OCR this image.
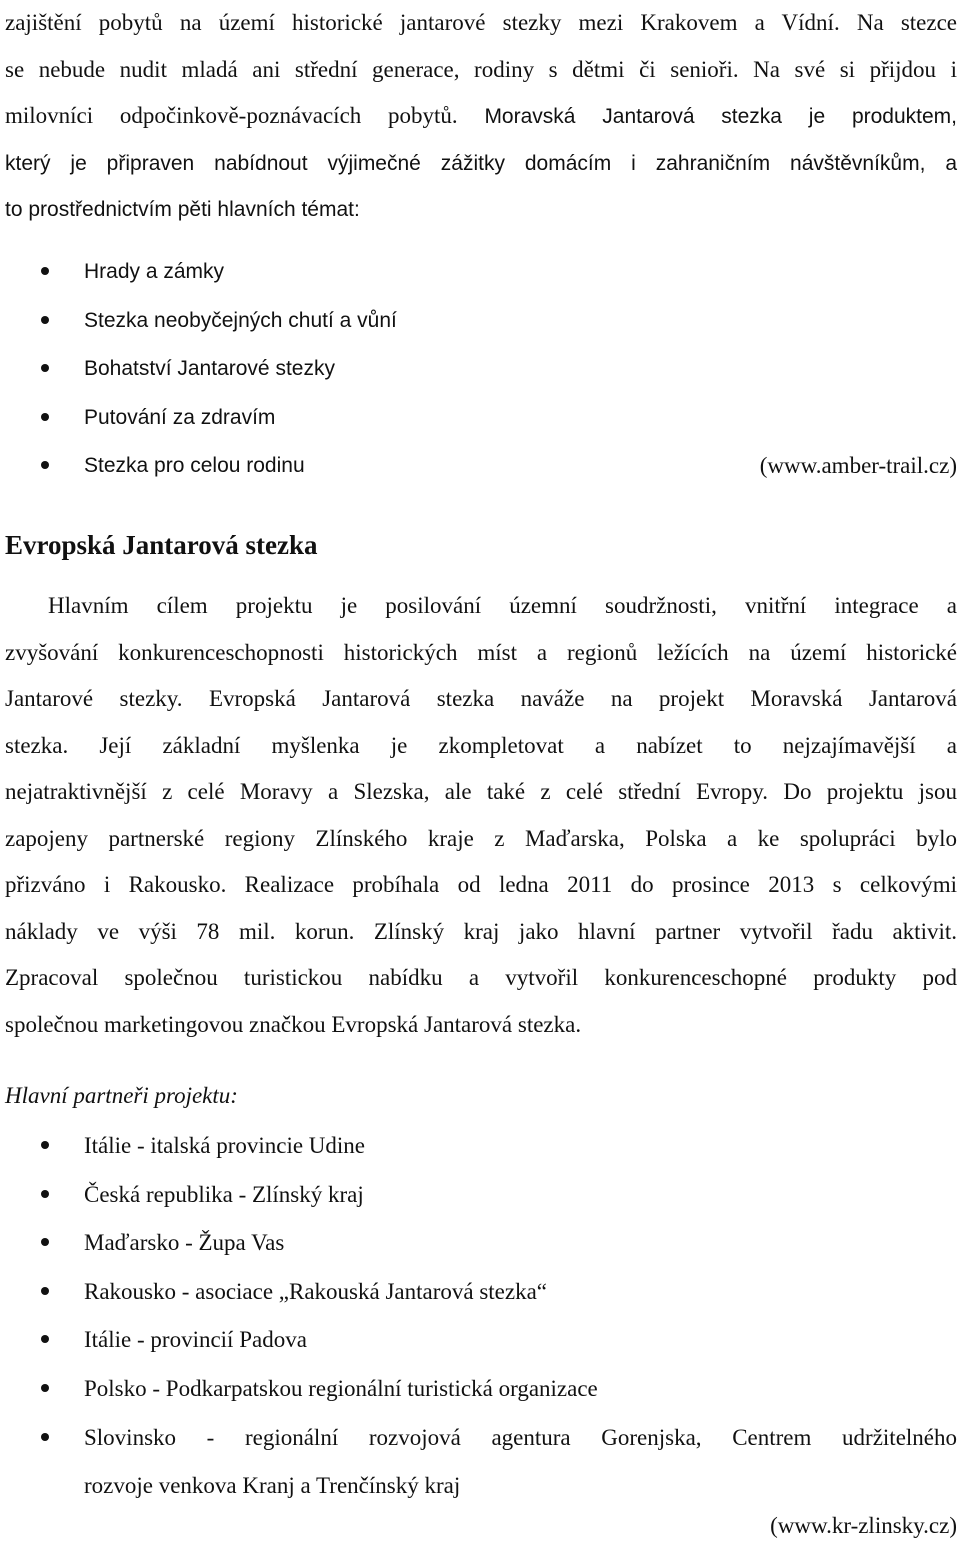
zajištění pobytů na území historické jantarové stezky mezi Krakovem a Vídní. Na stezce
se nebude nudit mladá ani střední generace, rodiny s dětmi či senioři. Na své si přijdou i
milovníci odpočinkově-poznávacích pobytů. Moravská Jantarová stezka je produktem,
který je připraven nabídnout výjimečné zážitky domácím i zahraničním návštěvníkům, a
to prostřednictvím pěti hlavních témat:
Hrady a zámky
Stezka neobyčejných chutí a vůní
Bohatství Jantarové stezky
Putování za zdravím
Stezka pro celou rodinu	(www.amber-trail.cz)
Evropská Jantarová stezka
Hlavním cílem projektu je posilování územní soudržnosti, vnitřní integrace a
zvyšování konkurenceschopnosti historických míst a regionů ležících na území historické
Jantarové stezky. Evropská Jantarová stezka naváže na projekt Moravská Jantarová
stezka. Její základní myšlenka je zkompletovat a nabízet to nejzajímavější a
nejatraktivnější z celé Moravy a Slezska, ale také z celé střední Evropy. Do projektu jsou
zapojeny partnerské regiony Zlínského kraje z Maďarska, Polska a ke spolupráci bylo
přizváno i Rakousko. Realizace probíhala od ledna 2011 do prosince 2013 s celkovými
náklady ve výši 78 mil. korun. Zlínský kraj jako hlavní partner vytvořil řadu aktivit.
Zpracoval společnou turistickou nabídku a vytvořil konkurenceschopné produkty pod
společnou marketingovou značkou Evropská Jantarová stezka.
Hlavní partneři projektu:
Itálie - italská provincie Udine
Česká republika - Zlínský kraj
Maďarsko - Župa Vas
Rakousko - asociace „Rakouská Jantarová stezka“
Itálie - provincií Padova
Polsko - Podkarpatskou regionální turistická organizace
Slovinsko - regionální rozvojová agentura Gorenjska, Centrem udržitelného
rozvoje venkova Kranj a Trenčínský kraj
(www.kr-zlinsky.cz)
